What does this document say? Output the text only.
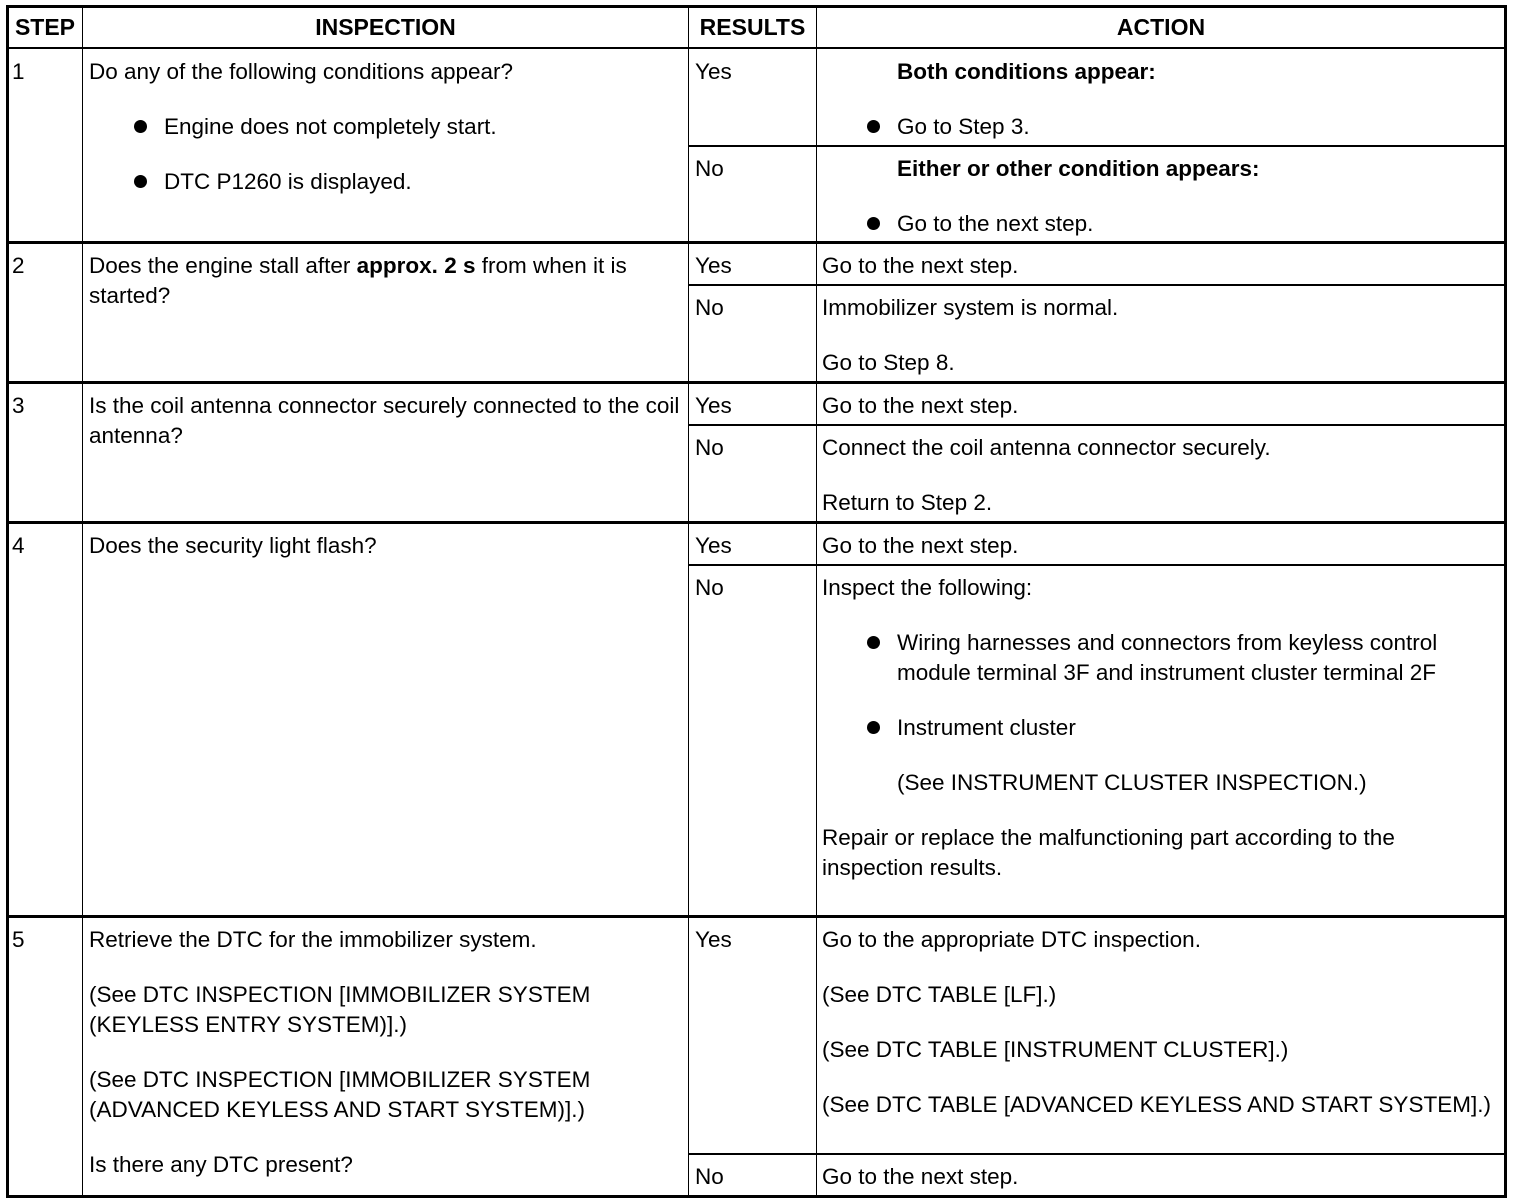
STEP	INSPECTION	RESULTS	ACTION
1	Do any of the following conditions appear?

Engine does not completely start.

DTC P1260 is displayed.

Yes	Both conditions appear:

Go to Step 3.

No	Either or other condition appears:

Go to the next step.

2	Does the engine stall after approx. 2 s from when it is started?

Yes	Go to the next step.
No	Immobilizer system is normal.

Go to Step 8.

3	Is the coil antenna connector securely connected to the coil antenna?
Yes	Go to the next step.
No	Connect the coil antenna connector securely.

Return to Step 2.

4	Does the security light flash?	Yes	Go to the next step.
No	Inspect the following:

Wiring harnesses and connectors from keyless control module terminal 3F and instrument cluster terminal 2F

Instrument cluster

(See INSTRUMENT CLUSTER INSPECTION.)

Repair or replace the malfunctioning part according to the inspection results.

5	Retrieve the DTC for the immobilizer system.

(See DTC INSPECTION [IMMOBILIZER SYSTEM (KEYLESS ENTRY SYSTEM)].)

(See DTC INSPECTION [IMMOBILIZER SYSTEM (ADVANCED KEYLESS AND START SYSTEM)].)

Is there any DTC present?

Yes	Go to the appropriate DTC inspection.

(See DTC TABLE [LF].)

(See DTC TABLE [INSTRUMENT CLUSTER].)

(See DTC TABLE [ADVANCED KEYLESS AND START SYSTEM].)

No	Go to the next step.
